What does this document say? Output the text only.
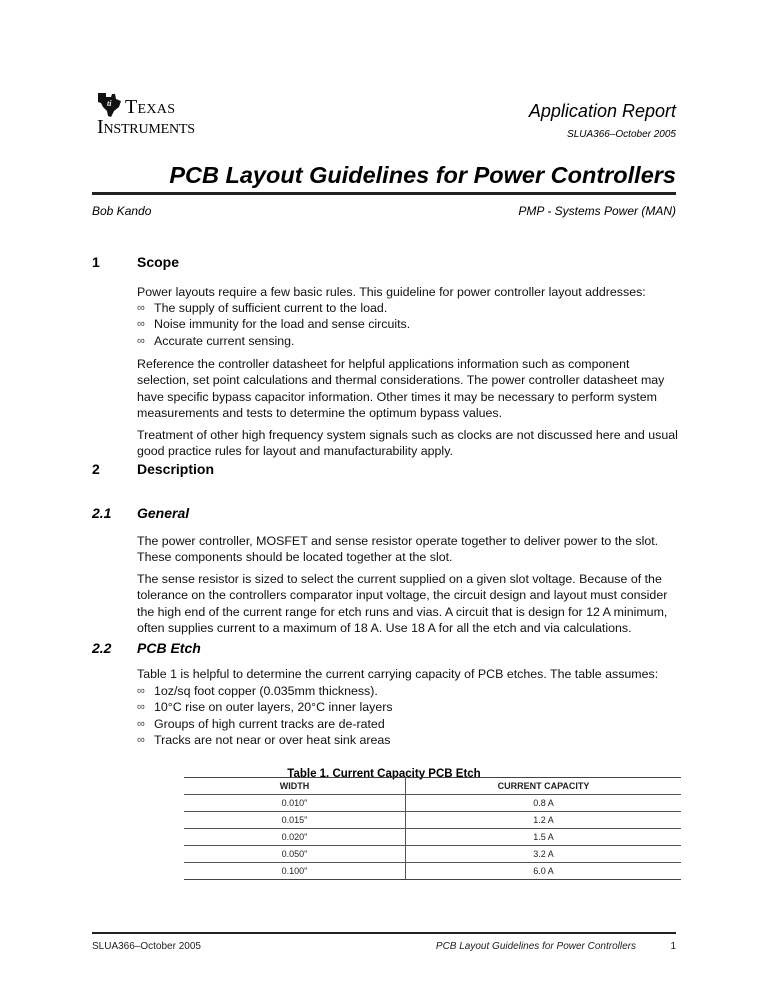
ti Texas
Instruments
Application Report
SLUA366–October 2005
PCB Layout Guidelines for Power Controllers
Bob Kando	PMP - Systems Power (MAN)
1	Scope
Power layouts require a few basic rules. This guideline for power controller layout addresses:
∞ The supply of sufficient current to the load.
∞ Noise immunity for the load and sense circuits.
∞ Accurate current sensing.
Reference the controller datasheet for helpful applications information such as component selection, set point calculations and thermal considerations. The power controller datasheet may have specific bypass capacitor information. Other times it may be necessary to perform system measurements and tests to determine the optimum bypass values.
Treatment of other high frequency system signals such as clocks are not discussed here and usual good practice rules for layout and manufacturability apply.
2	Description
2.1 General
The power controller, MOSFET and sense resistor operate together to deliver power to the slot. These components should be located together at the slot.
The sense resistor is sized to select the current supplied on a given slot voltage. Because of the tolerance on the controllers comparator input voltage, the circuit design and layout must consider the high end of the current range for etch runs and vias. A circuit that is design for 12 A minimum, often supplies current to a maximum of 18 A. Use 18 A for all the etch and via calculations.
2.2 PCB Etch
Table 1 is helpful to determine the current carrying capacity of PCB etches. The table assumes:
∞ 1oz/sq foot copper (0.035mm thickness).
∞ 10°C rise on outer layers, 20°C inner layers
∞ Groups of high current tracks are de-rated
∞ Tracks are not near or over heat sink areas
Table 1. Current Capacity PCB Etch
WIDTH	CURRENT CAPACITY
0.010"	0.8 A
0.015"	1.2 A
0.020"	1.5 A
0.050"	3.2 A
0.100"	6.0 A
SLUA366–October 2005	PCB Layout Guidelines for Power Controllers	1
